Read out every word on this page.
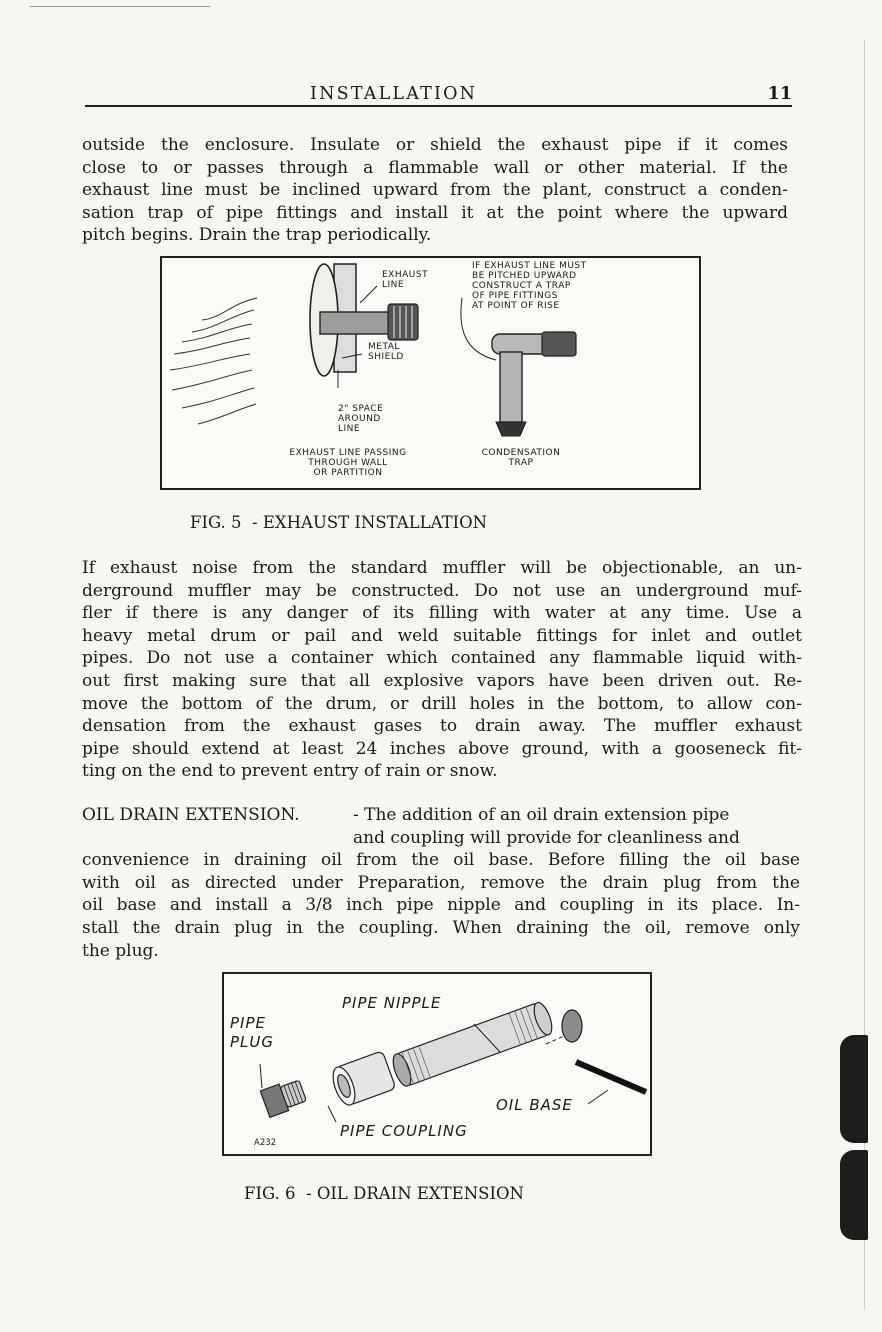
INSTALLATION	11
outside the enclosure. Insulate or shield the exhaust pipe if it comes
close to or passes through a flammable wall or other material. If the
exhaust line must be inclined upward from the plant, construct a conden-
sation trap of pipe fittings and install it at the point where the upward
pitch begins. Drain the trap periodically.

EXHAUST
LINE

METAL
SHIELD

2" SPACE
AROUND
LINE

IF EXHAUST LINE MUST
BE PITCHED UPWARD
CONSTRUCT A TRAP
OF PIPE FITTINGS
AT POINT OF RISE

EXHAUST LINE PASSING
THROUGH WALL
OR PARTITION

CONDENSATION
TRAP

FIG. 5  - EXHAUST INSTALLATION

If exhaust noise from the standard muffler will be objectionable, an un-
derground muffler may be constructed. Do not use an underground muf-
fler if there is any danger of its filling with water at any time. Use a
heavy metal drum or pail and weld suitable fittings for inlet and outlet
pipes. Do not use a container which contained any flammable liquid with-
out first making sure that all explosive vapors have been driven out. Re-
move the bottom of the drum, or drill holes in the bottom, to allow con-
densation from the exhaust gases to drain away. The muffler exhaust
pipe should extend at least 24 inches above ground, with a gooseneck fit-
ting on the end to prevent entry of rain or snow.
OIL DRAIN EXTENSION.	- The addition of an oil drain extension pipe
and coupling will provide for cleanliness and
convenience in draining oil from the oil base. Before filling the oil base
with oil as directed under Preparation, remove the drain plug from the
oil base and install a 3/8 inch pipe nipple and coupling in its place. In-
stall the drain plug in the coupling. When draining the oil, remove only
the plug.

PIPE NIPPLE

PIPE
PLUG

OIL BASE

PIPE COUPLING

A232

FIG. 6  - OIL DRAIN EXTENSION
